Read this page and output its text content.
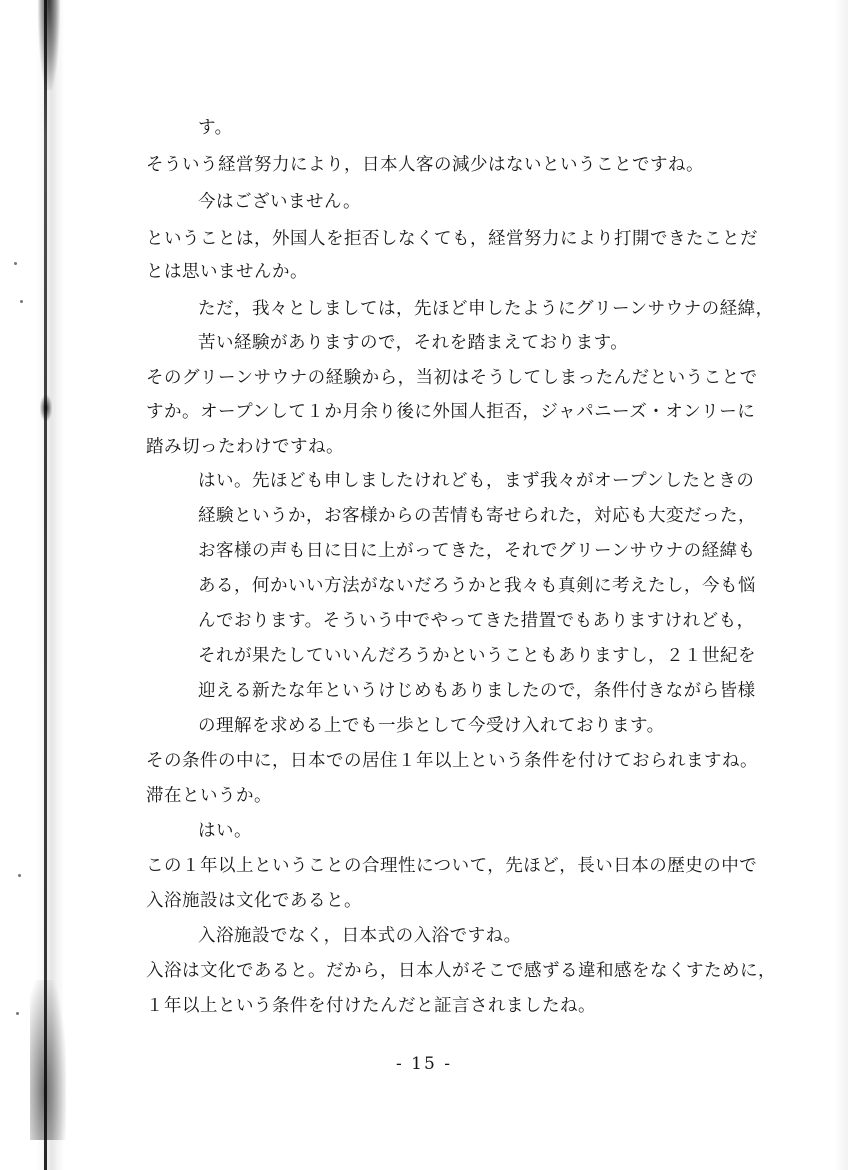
す。
そういう経営努力により，日本人客の減少はないということですね。
今はございません。
ということは，外国人を拒否しなくても，経営努力により打開できたことだ
とは思いませんか。
ただ，我々としましては，先ほど申したようにグリーンサウナの経緯，
苦い経験がありますので，それを踏まえております。
そのグリーンサウナの経験から，当初はそうしてしまったんだということで
すか。オープンして１か月余り後に外国人拒否，ジャパニーズ・オンリーに
踏み切ったわけですね。
はい。先ほども申しましたけれども，まず我々がオープンしたときの
経験というか，お客様からの苦情も寄せられた，対応も大変だった，
お客様の声も日に日に上がってきた，それでグリーンサウナの経緯も
ある，何かいい方法がないだろうかと我々も真剣に考えたし，今も悩
んでおります。そういう中でやってきた措置でもありますけれども，
それが果たしていいんだろうかということもありますし，２１世紀を
迎える新たな年というけじめもありましたので，条件付きながら皆様
の理解を求める上でも一歩として今受け入れております。
その条件の中に，日本での居住１年以上という条件を付けておられますね。
滞在というか。
はい。
この１年以上ということの合理性について，先ほど，長い日本の歴史の中で
入浴施設は文化であると。
入浴施設でなく，日本式の入浴ですね。
入浴は文化であると。だから，日本人がそこで感ずる違和感をなくすために，
１年以上という条件を付けたんだと証言されましたね。
- 15 -
